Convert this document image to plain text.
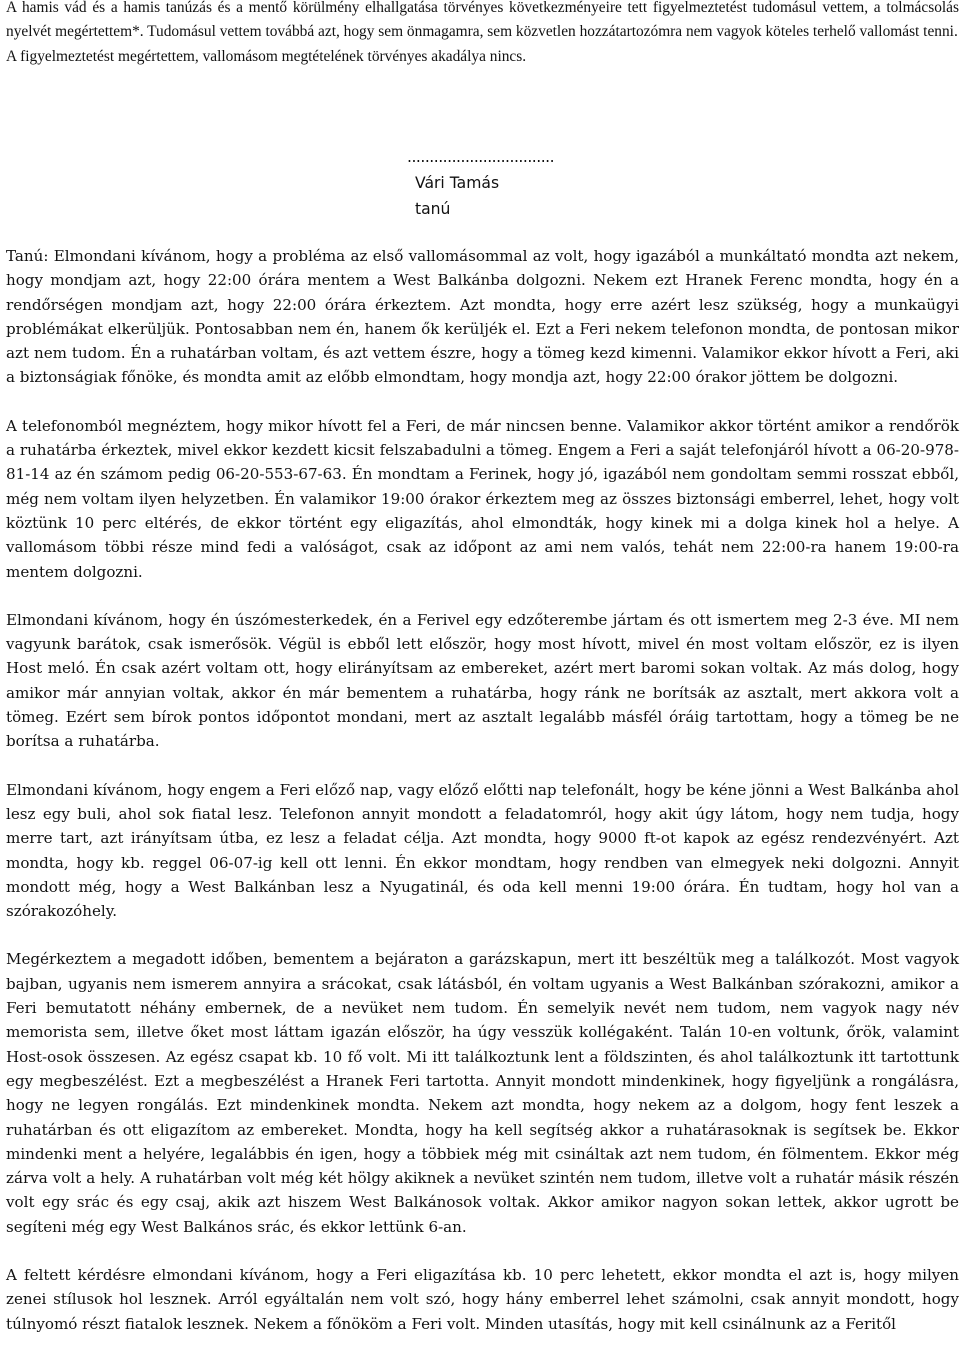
A hamis vád és a hamis tanúzás és a mentő körülmény elhallgatása törvényes következményeire tett figyelmeztetést tudomásul vettem, a tolmácsolás nyelvét megértettem*. Tudomásul vettem továbbá azt, hogy sem önmagamra, sem közvetlen hozzátartozómra nem vagyok köteles terhelő vallomást tenni.

A figyelmeztetést megértettem, vallomásom megtételének törvényes akadálya nincs.

.................................
Vári Tamás
tanú

Tanú: Elmondani kívánom, hogy a probléma az első vallomásommal az volt, hogy igazából a munkáltató mondta azt nekem, hogy mondjam azt, hogy 22:00 órára mentem a West Balkánba dolgozni. Nekem ezt Hranek Ferenc mondta, hogy én a rendőrségen mondjam azt, hogy 22:00 órára érkeztem. Azt mondta, hogy erre azért lesz szükség, hogy a munkaügyi problémákat elkerüljük. Pontosabban nem én, hanem ők kerüljék el. Ezt a Feri nekem telefonon mondta, de pontosan mikor azt nem tudom. Én a ruhatárban voltam, és azt vettem észre, hogy a tömeg kezd kimenni. Valamikor ekkor hívott a Feri, aki a biztonságiak főnöke, és mondta amit az előbb elmondtam, hogy mondja azt, hogy 22:00 órakor jöttem be dolgozni.

A telefonomból megnéztem, hogy mikor hívott fel a Feri, de már nincsen benne. Valamikor akkor történt amikor a rendőrök a ruhatárba érkeztek, mivel ekkor kezdett kicsit felszabadulni a tömeg. Engem a Feri a saját telefonjáról hívott a 06-20-978-81-14 az én számom pedig 06-20-553-67-63. Én mondtam a Ferinek, hogy jó, igazából nem gondoltam semmi rosszat ebből, még nem voltam ilyen helyzetben. Én valamikor 19:00 órakor érkeztem meg az összes biztonsági emberrel, lehet, hogy volt köztünk 10 perc eltérés, de ekkor történt egy eligazítás, ahol elmondták, hogy kinek mi a dolga kinek hol a helye. A vallomásom többi része mind fedi a valóságot, csak az időpont az ami nem valós, tehát nem 22:00-ra hanem 19:00-ra mentem dolgozni.

Elmondani kívánom, hogy én úszómesterkedek, én a Ferivel egy edzőterembe jártam és ott ismertem meg 2-3 éve. MI nem vagyunk barátok, csak ismerősök. Végül is ebből lett először, hogy most hívott, mivel én most voltam először, ez is ilyen Host meló. Én csak azért voltam ott, hogy elirányítsam az embereket, azért mert baromi sokan voltak. Az más dolog, hogy amikor már annyian voltak, akkor én már bementem a ruhatárba, hogy ránk ne borítsák az asztalt, mert akkora volt a tömeg. Ezért sem bírok pontos időpontot mondani, mert az asztalt legalább másfél óráig tartottam, hogy a tömeg be ne borítsa a ruhatárba.

Elmondani kívánom, hogy engem a Feri előző nap, vagy előző előtti nap telefonált, hogy be kéne jönni a West Balkánba ahol lesz egy buli, ahol sok fiatal lesz. Telefonon annyit mondott a feladatomról, hogy akit úgy látom, hogy nem tudja, hogy merre tart, azt irányítsam útba, ez lesz a feladat célja. Azt mondta, hogy 9000 ft-ot kapok az egész rendezvényért. Azt mondta, hogy kb. reggel 06-07-ig kell ott lenni. Én ekkor mondtam, hogy rendben van elmegyek neki dolgozni. Annyit mondott még, hogy a West Balkánban lesz a Nyugatinál, és oda kell menni 19:00 órára. Én tudtam, hogy hol van a szórakozóhely.

Megérkeztem a megadott időben, bementem a bejáraton a garázskapun, mert itt beszéltük meg a találkozót. Most vagyok bajban, ugyanis nem ismerem annyira a srácokat, csak látásból, én voltam ugyanis a West Balkánban szórakozni, amikor a Feri bemutatott néhány embernek, de a nevüket nem tudom. Én semelyik nevét nem tudom, nem vagyok nagy név memorista sem, illetve őket most láttam igazán először, ha úgy vesszük kollégaként. Talán 10-en voltunk, őrök, valamint Host-osok összesen. Az egész csapat kb. 10 fő volt. Mi itt találkoztunk lent a földszinten, és ahol találkoztunk itt tartottunk egy megbeszélést. Ezt a megbeszélést a Hranek Feri tartotta. Annyit mondott mindenkinek, hogy figyeljünk a rongálásra, hogy ne legyen rongálás. Ezt mindenkinek mondta. Nekem azt mondta, hogy nekem az a dolgom, hogy fent leszek a ruhatárban és ott eligazítom az embereket. Mondta, hogy ha kell segítség akkor a ruhatárasoknak is segítsek be. Ekkor mindenki ment a helyére, legalábbis én igen, hogy a többiek még mit csináltak azt nem tudom, én fölmentem. Ekkor még zárva volt a hely. A ruhatárban volt még két hölgy akiknek a nevüket szintén nem tudom, illetve volt a ruhatár másik részén volt egy srác és egy csaj, akik azt hiszem West Balkánosok voltak. Akkor amikor nagyon sokan lettek, akkor ugrott be segíteni még egy West Balkános srác, és ekkor lettünk 6-an.

A feltett kérdésre elmondani kívánom, hogy a Feri eligazítása kb. 10 perc lehetett, ekkor mondta el azt is, hogy milyen zenei stílusok hol lesznek. Arról egyáltalán nem volt szó, hogy hány emberrel lehet számolni, csak annyit mondott, hogy túlnyomó részt fiatalok lesznek. Nekem a főnököm a Feri volt. Minden utasítás, hogy mit kell csinálnunk az a Feritől
